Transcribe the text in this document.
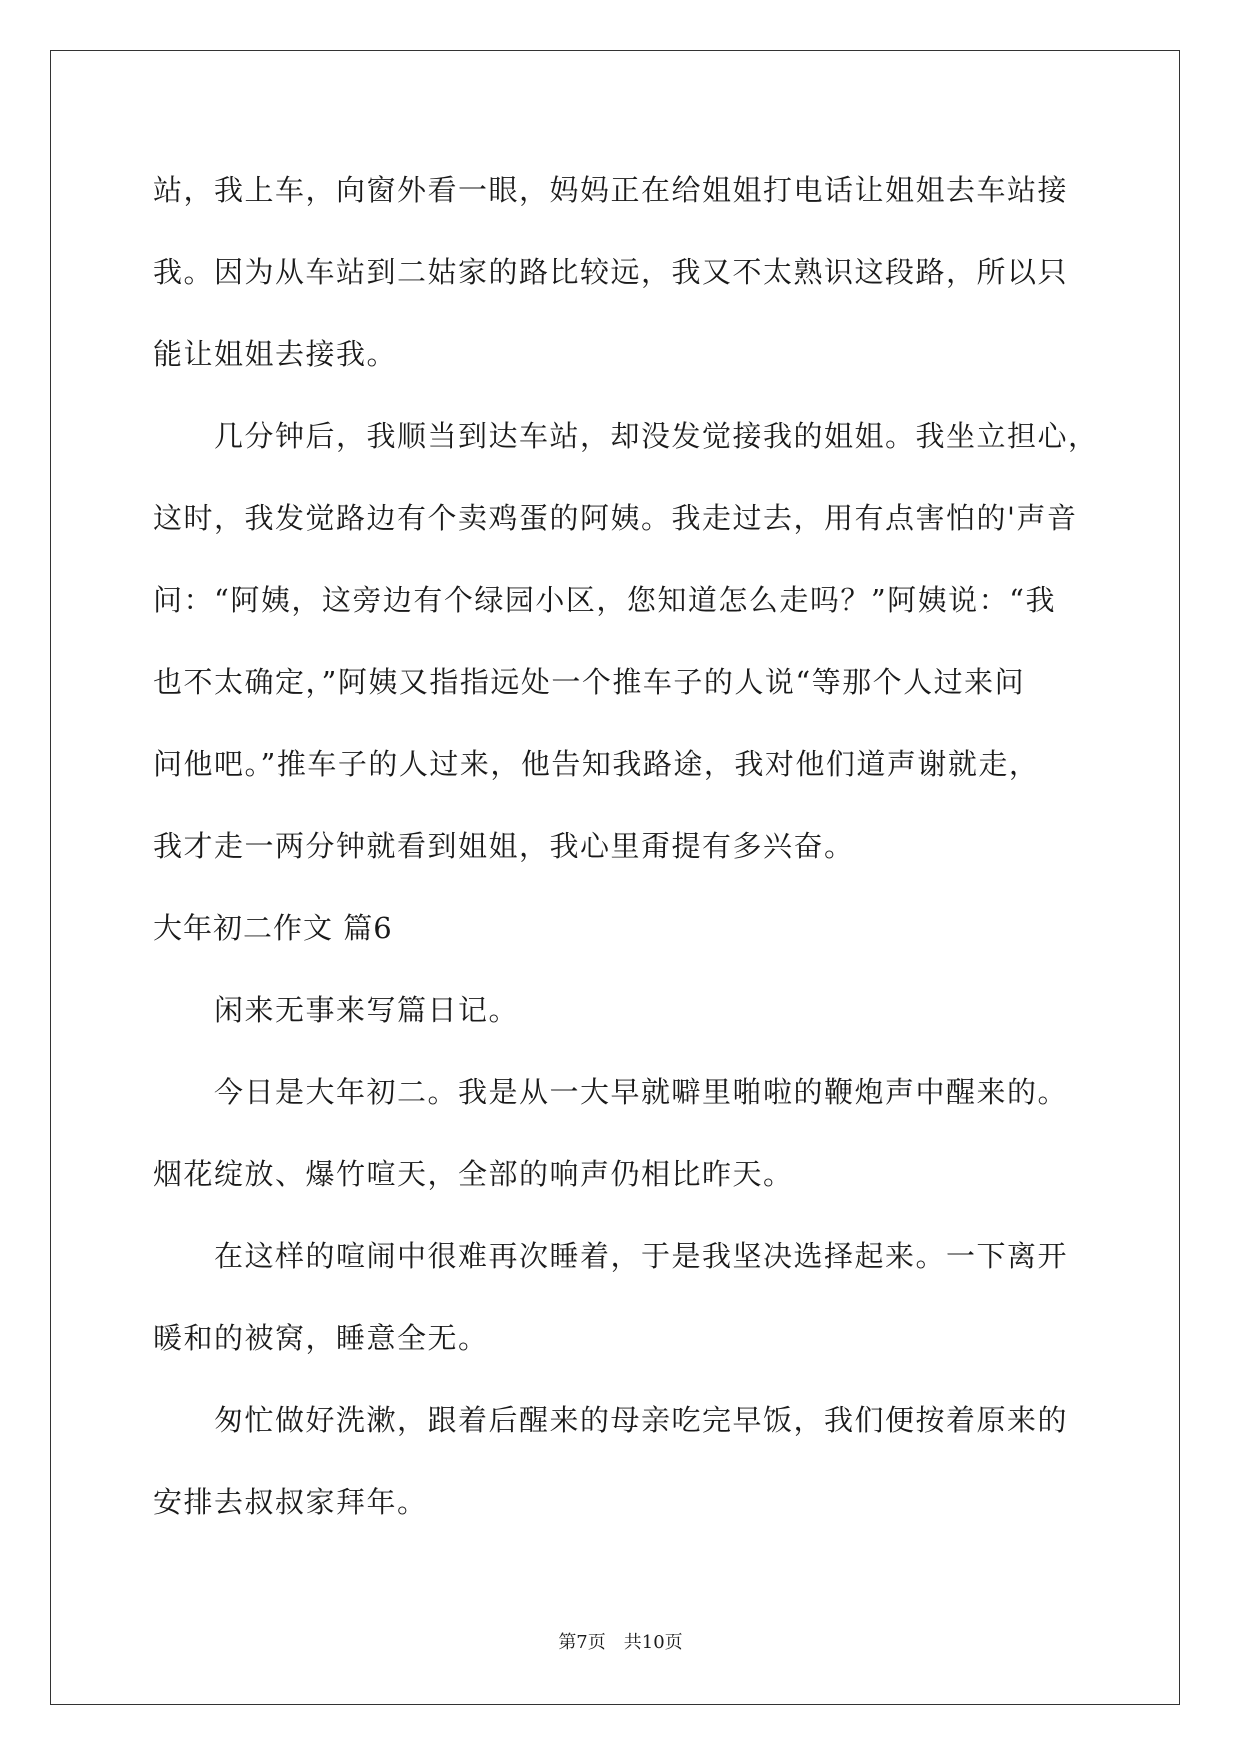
站，我上车，向窗外看一眼，妈妈正在给姐姐打电话让姐姐去车站接
我。因为从车站到二姑家的路比较远，我又不太熟识这段路，所以只
能让姐姐去接我。
　　几分钟后，我顺当到达车站，却没发觉接我的姐姐。我坐立担心，
这时，我发觉路边有个卖鸡蛋的阿姨。我走过去，用有点害怕的'声音
问：“阿姨，这旁边有个绿园小区，您知道怎么走吗？”阿姨说：“我
也不太确定，”阿姨又指指远处一个推车子的人说“等那个人过来问
问他吧。”推车子的人过来，他告知我路途，我对他们道声谢就走，
我才走一两分钟就看到姐姐，我心里甭提有多兴奋。
大年初二作文 篇6
　　闲来无事来写篇日记。
　　今日是大年初二。我是从一大早就噼里啪啦的鞭炮声中醒来的。
烟花绽放、爆竹喧天，全部的响声仍相比昨天。
　　在这样的喧闹中很难再次睡着，于是我坚决选择起来。一下离开
暖和的被窝，睡意全无。
　　匆忙做好洗漱，跟着后醒来的母亲吃完早饭，我们便按着原来的
安排去叔叔家拜年。
第7页　共10页
